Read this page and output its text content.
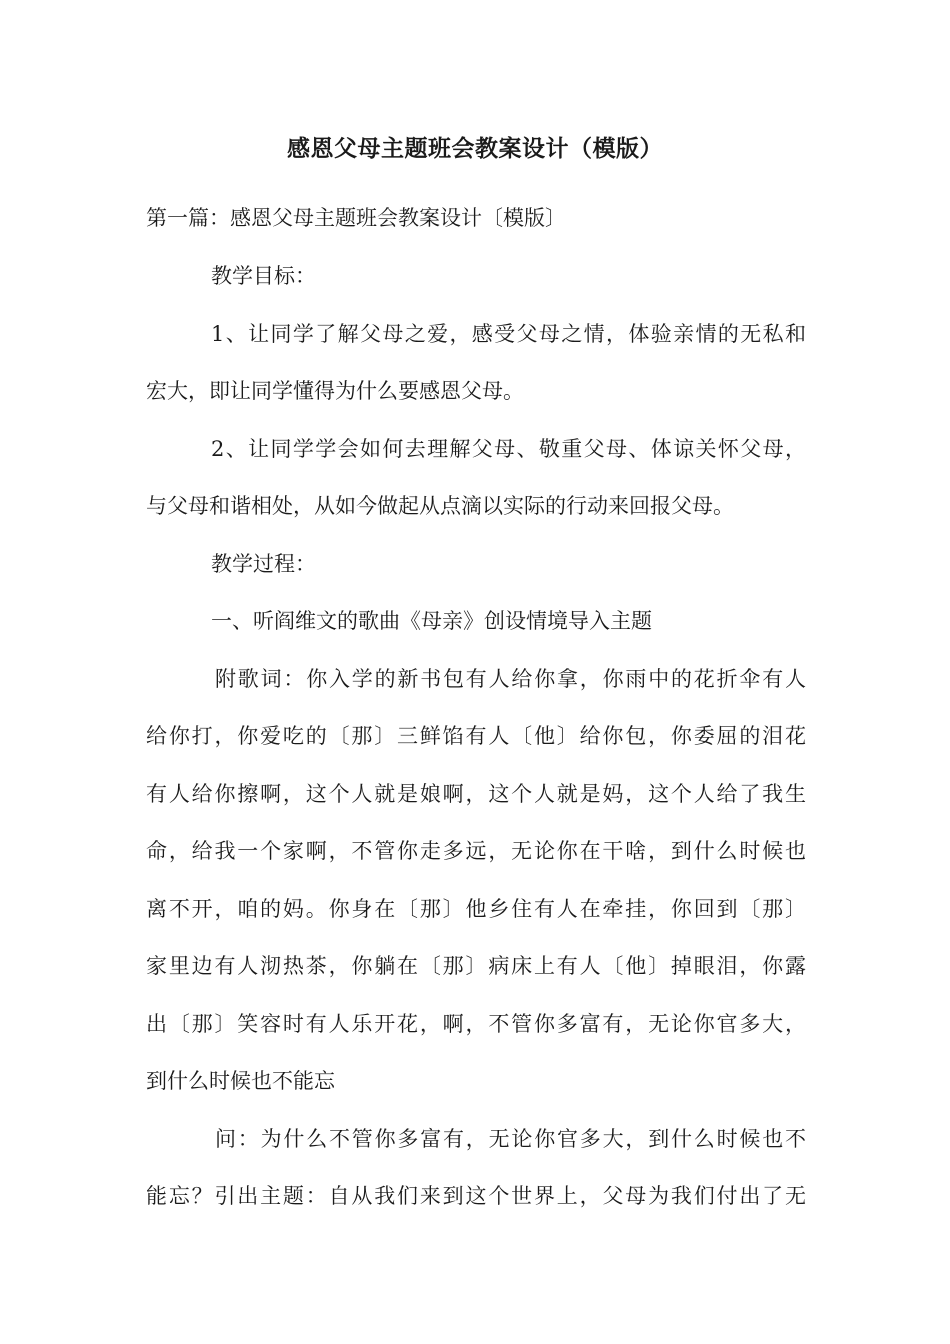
感恩父母主题班会教案设计（模版）

第一篇：感恩父母主题班会教案设计〔模版〕

教学目标：

1、让同学了解父母之爱，感受父母之情，体验亲情的无私和

宏大，即让同学懂得为什么要感恩父母。

2、让同学学会如何去理解父母、敬重父母、体谅关怀父母，

与父母和谐相处，从如今做起从点滴以实际的行动来回报父母。

教学过程：

一、听阎维文的歌曲《母亲》创设情境导入主题

附歌词：你入学的新书包有人给你拿，你雨中的花折伞有人

给你打，你爱吃的〔那〕三鲜馅有人〔他〕给你包，你委屈的泪花

有人给你擦啊，这个人就是娘啊，这个人就是妈，这个人给了我生

命，给我一个家啊，不管你走多远，无论你在干啥，到什么时候也

离不开，咱的妈。你身在〔那〕他乡住有人在牵挂，你回到〔那〕

家里边有人沏热茶，你躺在〔那〕病床上有人〔他〕掉眼泪，你露

出〔那〕笑容时有人乐开花，啊，不管你多富有，无论你官多大，

到什么时候也不能忘

问：为什么不管你多富有，无论你官多大，到什么时候也不

能忘？引出主题：自从我们来到这个世界上，父母为我们付出了无
